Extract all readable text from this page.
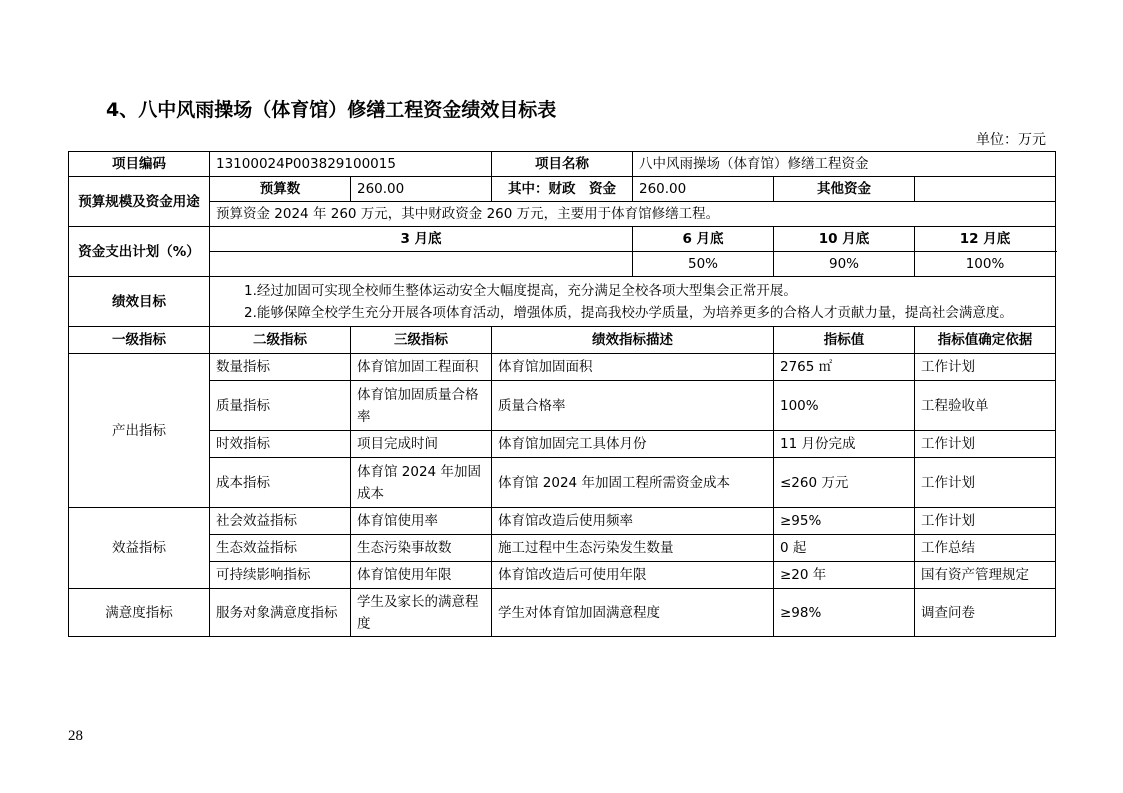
4、八中风雨操场（体育馆）修缮工程资金绩效目标表
单位：万元
项目编码	13100024P003829100015		项目名称	八中风雨操场（体育馆）修缮工程资金		
预算规模及资金用途	预算数	260.00	其中：财政　资金	260.00	其他资金	
	预算资金 2024 年 260 万元，其中财政资金 260 万元，主要用于体育馆修缮工程。					
资金支出计划（%）	3 月底			6 月底	10 月底	12 月底
				50%	90%	100%
绩效目标	1.经过加固可实现全校师生整体运动安全大幅度提高，充分满足全校各项大型集会正常开展。
2.能够保障全校学生充分开展各项体育活动，增强体质，提高我校办学质量，为培养更多的合格人才贡献力量，提高社会满意度。					

一级指标	二级指标	三级指标	绩效指标描述		指标值	指标值确定依据
产出指标	数量指标	体育馆加固工程面积	体育馆加固面积		2765 ㎡	工作计划
	质量指标	体育馆加固质量合格率	质量合格率		100%	工程验收单
	时效指标	项目完成时间	体育馆加固完工具体月份		11 月份完成	工作计划
	成本指标	体育馆 2024 年加固成本	体育馆 2024 年加固工程所需资金成本		≤260 万元	工作计划
效益指标	社会效益指标	体育馆使用率	体育馆改造后使用频率		≥95%	工作计划
	生态效益指标	生态污染事故数	施工过程中生态污染发生数量		0 起	工作总结
	可持续影响指标	体育馆使用年限	体育馆改造后可使用年限		≥20 年	国有资产管理规定
满意度指标	服务对象满意度指标	学生及家长的满意程度	学生对体育馆加固满意程度		≥98%	调查问卷
28
